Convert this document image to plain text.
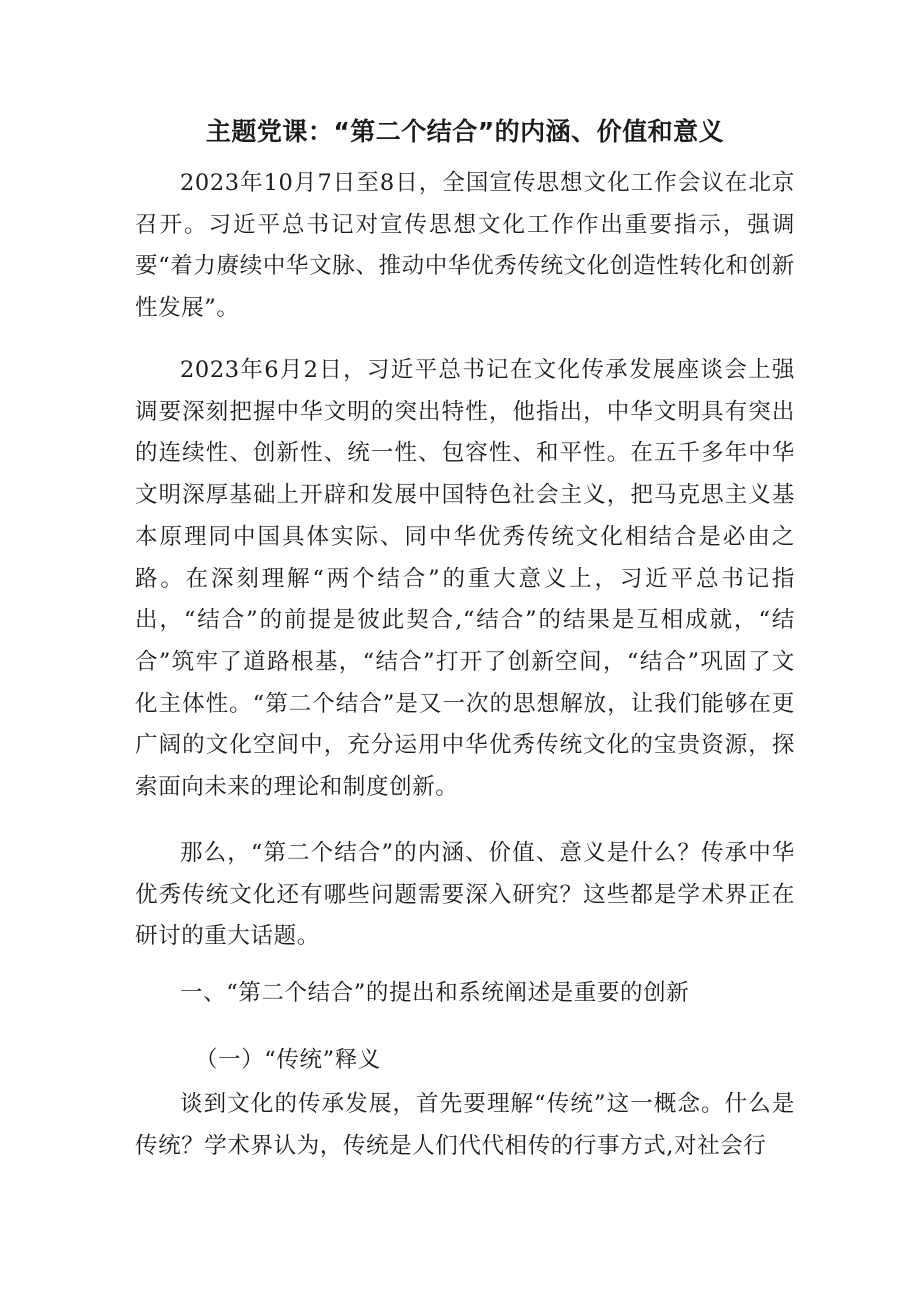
主题党课：“第二个结合”的内涵、价值和意义

2023年10月7日至8日，全国宣传思想文化工作会议在北京召开。习近平总书记对宣传思想文化工作作出重要指示，强调要“着力赓续中华文脉、推动中华优秀传统文化创造性转化和创新性发展”。

2023年6月2日，习近平总书记在文化传承发展座谈会上强调要深刻把握中华文明的突出特性，他指出，中华文明具有突出的连续性、创新性、统一性、包容性、和平性。在五千多年中华文明深厚基础上开辟和发展中国特色社会主义，把马克思主义基本原理同中国具体实际、同中华优秀传统文化相结合是必由之路。在深刻理解“两个结合”的重大意义上，习近平总书记指出，“结合”的前提是彼此契合,“结合”的结果是互相成就，“结合”筑牢了道路根基，“结合”打开了创新空间，“结合”巩固了文化主体性。“第二个结合”是又一次的思想解放，让我们能够在更广阔的文化空间中，充分运用中华优秀传统文化的宝贵资源，探索面向未来的理论和制度创新。

那么，“第二个结合”的内涵、价值、意义是什么？传承中华优秀传统文化还有哪些问题需要深入研究？这些都是学术界正在研讨的重大话题。

一、“第二个结合”的提出和系统阐述是重要的创新

（一）“传统”释义

谈到文化的传承发展，首先要理解“传统”这一概念。什么是传统？学术界认为，传统是人们代代相传的行事方式,对社会行
